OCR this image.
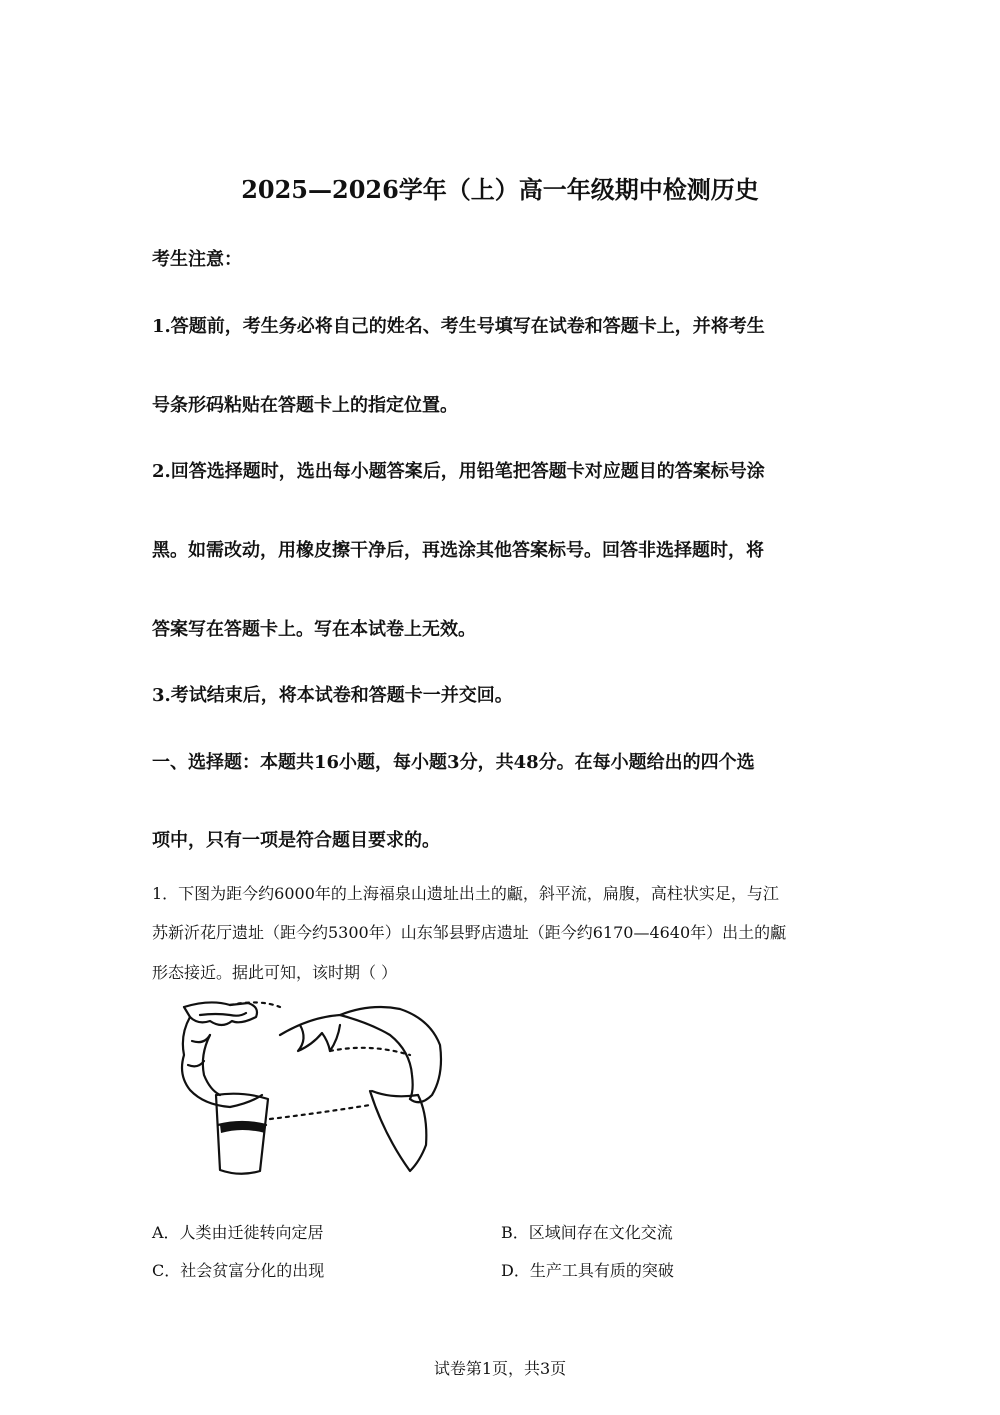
2025—2026学年（上）高一年级期中检测历史
考生注意：
1.答题前，考生务必将自己的姓名、考生号填写在试卷和答题卡上，并将考生
号条形码粘贴在答题卡上的指定位置。
2.回答选择题时，选出每小题答案后，用铅笔把答题卡对应题目的答案标号涂
黑。如需改动，用橡皮擦干净后，再选涂其他答案标号。回答非选择题时，将
答案写在答题卡上。写在本试卷上无效。
3.考试结束后，将本试卷和答题卡一并交回。
一、选择题：本题共16小题，每小题3分，共48分。在每小题给出的四个选
项中，只有一项是符合题目要求的。
1．下图为距今约6000年的上海福泉山遗址出土的甗，斜平流，扁腹，高柱状实足，与江
苏新沂花厅遗址（距今约5300年）山东邹县野店遗址（距今约6170—4640年）出土的甗
形态接近。据此可知，该时期（ ）
A．人类由迁徙转向定居	B．区域间存在文化交流
C．社会贫富分化的出现	D．生产工具有质的突破
试卷第1页，共3页
